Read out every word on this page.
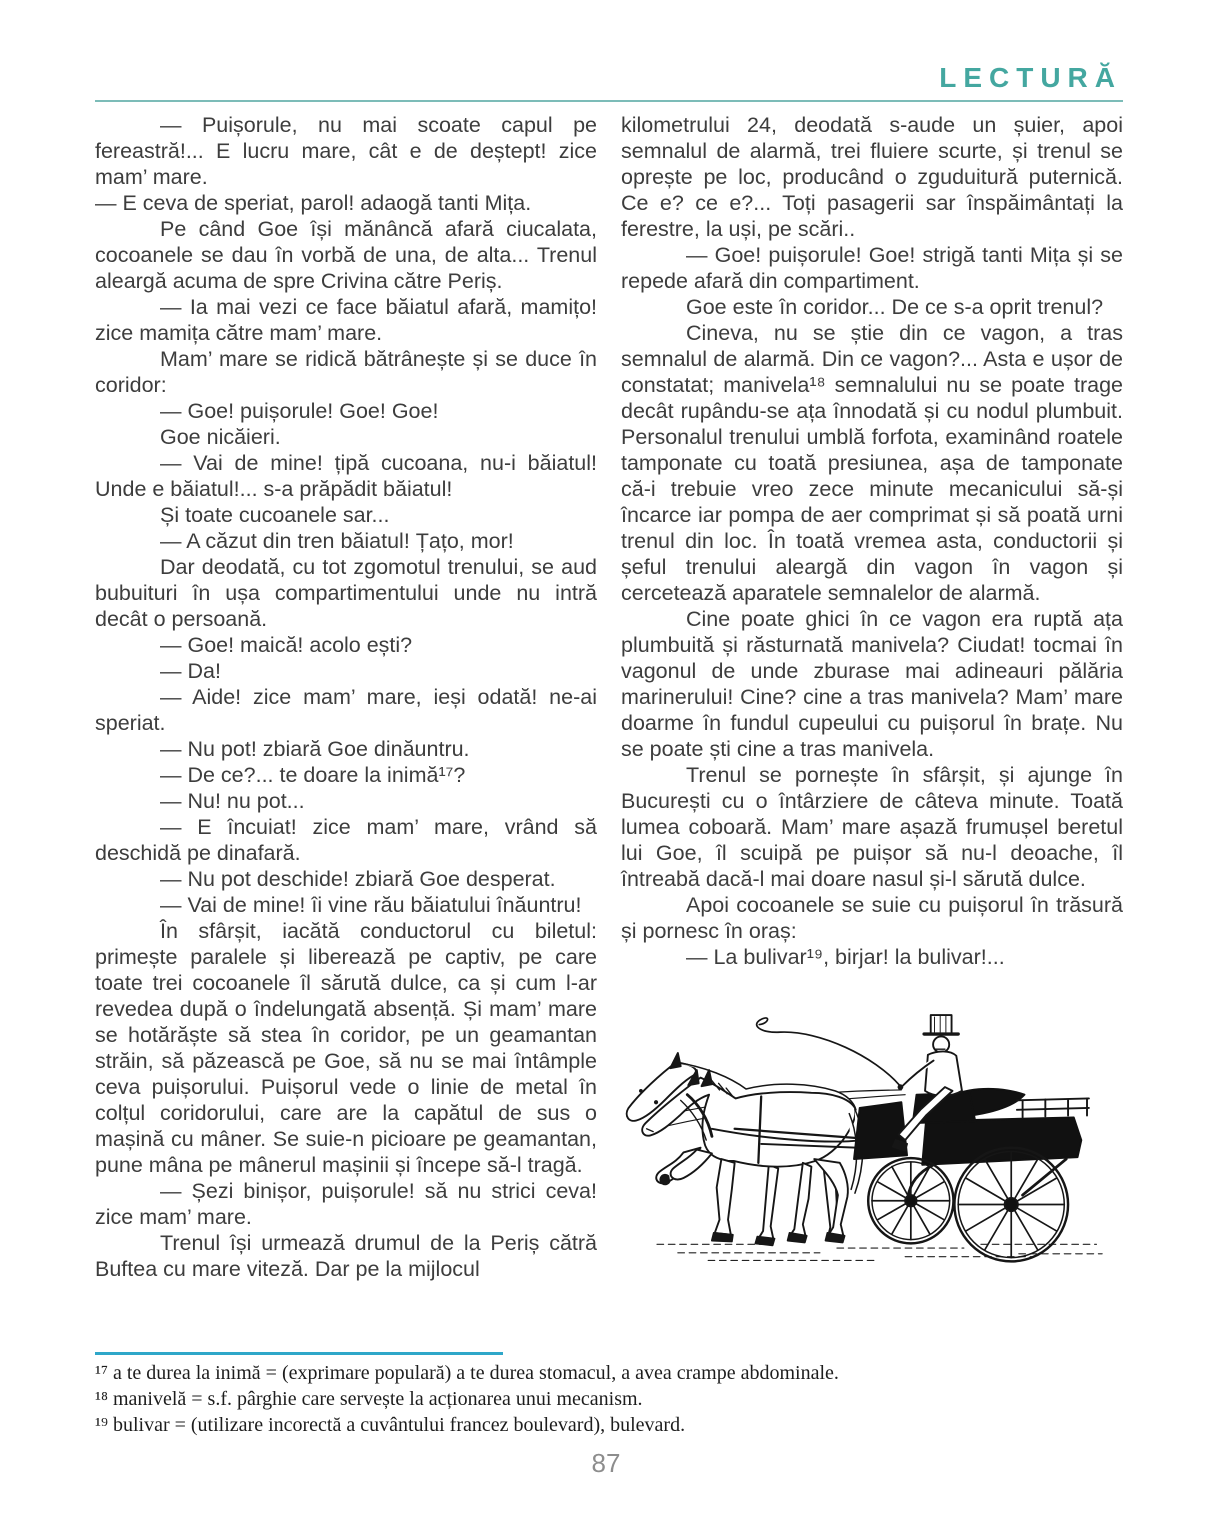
LECTURĂ

— Puișorule, nu mai scoate capul pe fereastră!... E lucru mare, cât e de deștept! zice mam’ mare.

— E ceva de speriat, parol! adaogă tanti Mița.

Pe când Goe își mănâncă afară ciucalata, cocoanele se dau în vorbă de una, de alta... Trenul aleargă acuma de spre Crivina către Periș.

— Ia mai vezi ce face băiatul afară, mamițo! zice mamița către mam’ mare.

Mam’ mare se ridică bătrânește și se duce în coridor:

— Goe! puișorule! Goe! Goe!

Goe nicăieri.

— Vai de mine! țipă cucoana, nu-i băiatul! Unde e băiatul!... s-a prăpădit băiatul!

Și toate cucoanele sar...

— A căzut din tren băiatul! Țațo, mor!

Dar deodată, cu tot zgomotul trenului, se aud bubuituri în ușa compartimentului unde nu intră decât o persoană.

— Goe! maică! acolo ești?

— Da!

— Aide! zice mam’ mare, ieși odată! ne-ai speriat.

— Nu pot! zbiară Goe dinăuntru.

— De ce?... te doare la inimă¹⁷?

— Nu! nu pot...

— E încuiat! zice mam’ mare, vrând să deschidă pe dinafară.

— Nu pot deschide! zbiară Goe desperat.

— Vai de mine! îi vine rău băiatului înăuntru!

În sfârșit, iacătă conductorul cu biletul: primește paralele și liberează pe captiv, pe care toate trei cocoanele îl sărută dulce, ca și cum l-ar revedea după o îndelungată absență. Și mam’ mare se hotărăște să stea în coridor, pe un geamantan străin, să păzească pe Goe, să nu se mai întâmple ceva puișorului. Puișorul vede o linie de metal în colțul coridorului, care are la capătul de sus o mașină cu mâner. Se suie-n picioare pe geamantan, pune mâna pe mânerul mașinii și începe să-l tragă.

— Șezi binișor, puișorule! să nu strici ceva! zice mam’ mare.

Trenul își urmează drumul de la Periș cătră Buftea cu mare viteză. Dar pe la mijlocul

kilometrului 24, deodată s-aude un șuier, apoi semnalul de alarmă, trei fluiere scurte, și trenul se oprește pe loc, producând o zguduitură puternică. Ce e? ce e?... Toți pasagerii sar înspăimântați la ferestre, la uși, pe scări..

— Goe! puișorule! Goe! strigă tanti Mița și se repede afară din compartiment.

Goe este în coridor... De ce s-a oprit trenul?

Cineva, nu se știe din ce vagon, a tras semnalul de alarmă. Din ce vagon?... Asta e ușor de constatat; manivela¹⁸ semnalului nu se poate trage decât rupându-se ața înnodată și cu nodul plumbuit. Personalul trenului umblă forfota, examinând roatele tamponate cu toată presiunea, așa de tamponate că-i trebuie vreo zece minute mecanicului să-și încarce iar pompa de aer comprimat și să poată urni trenul din loc. În toată vremea asta, conductorii și șeful trenului aleargă din vagon în vagon și cercetează aparatele semnalelor de alarmă.

Cine poate ghici în ce vagon era ruptă ața plumbuită și răsturnată manivela? Ciudat! tocmai în vagonul de unde zburase mai adineauri pălăria marinerului! Cine? cine a tras manivela? Mam’ mare doarme în fundul cupeului cu puișorul în brațe. Nu se poate ști cine a tras manivela.

Trenul se pornește în sfârșit, și ajunge în București cu o întârziere de câteva minute. Toată lumea coboară. Mam’ mare așază frumușel beretul lui Goe, îl scuipă pe puișor să nu-l deoache, îl întreabă dacă-l mai doare nasul și-l sărută dulce.

Apoi cocoanele se suie cu puișorul în trăsură și pornesc în oraș:

— La bulivar¹⁹, birjar! la bulivar!...

¹⁷ a te durea la inimă = (exprimare populară) a te durea stomacul, a avea crampe abdominale.

¹⁸ manivelă = s.f. pârghie care servește la acționarea unui mecanism.

¹⁹ bulivar = (utilizare incorectă a cuvântului francez boulevard), bulevard.

87
